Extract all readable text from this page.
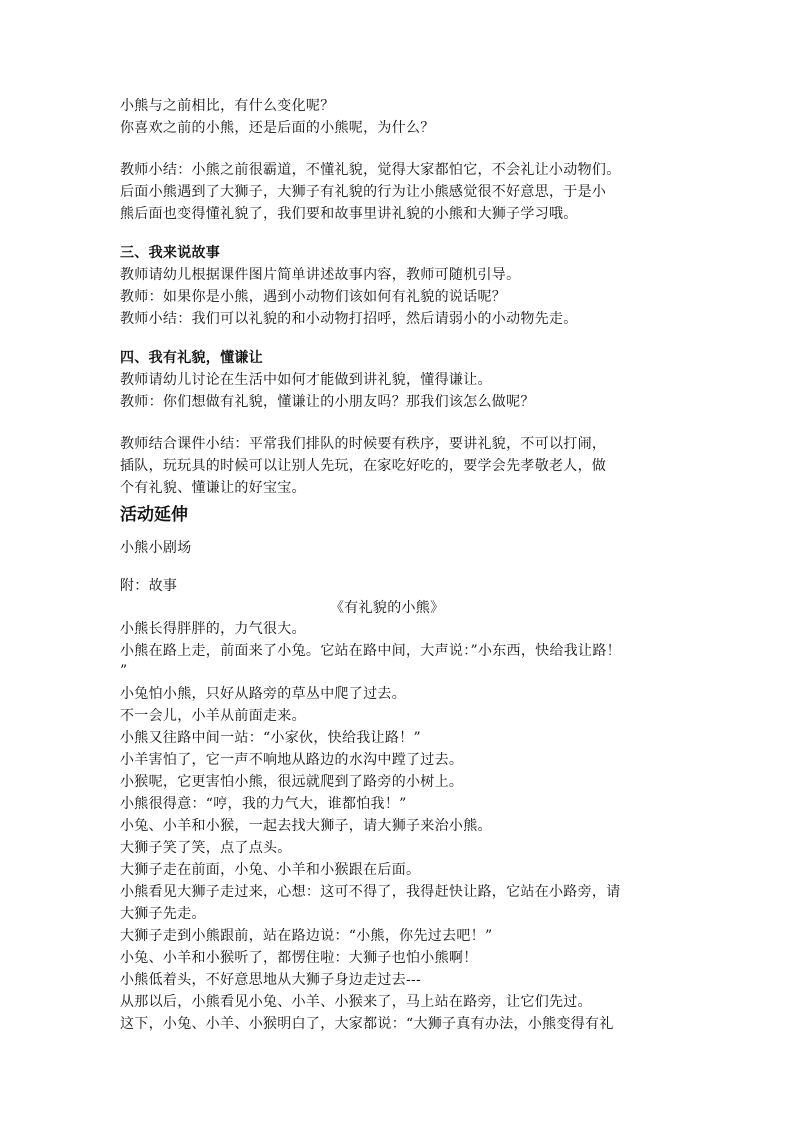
小熊与之前相比，有什么变化呢？
你喜欢之前的小熊，还是后面的小熊呢，为什么？
教师小结：小熊之前很霸道，不懂礼貌，觉得大家都怕它，不会礼让小动物们。
后面小熊遇到了大狮子，大狮子有礼貌的行为让小熊感觉很不好意思，于是小
熊后面也变得懂礼貌了，我们要和故事里讲礼貌的小熊和大狮子学习哦。
三、我来说故事
教师请幼儿根据课件图片简单讲述故事内容，教师可随机引导。
教师：如果你是小熊，遇到小动物们该如何有礼貌的说话呢？
教师小结：我们可以礼貌的和小动物打招呼，然后请弱小的小动物先走。
四、我有礼貌，懂谦让
教师请幼儿讨论在生活中如何才能做到讲礼貌，懂得谦让。
教师：你们想做有礼貌，懂谦让的小朋友吗？那我们该怎么做呢？
教师结合课件小结：平常我们排队的时候要有秩序，要讲礼貌，不可以打闹，
插队，玩玩具的时候可以让别人先玩，在家吃好吃的，要学会先孝敬老人，做
个有礼貌、懂谦让的好宝宝。
活动延伸
小熊小剧场
附：故事
《有礼貌的小熊》
小熊长得胖胖的，力气很大。
小熊在路上走，前面来了小兔。它站在路中间，大声说：”小东西，快给我让路！
”
小兔怕小熊，只好从路旁的草丛中爬了过去。
不一会儿，小羊从前面走来。
小熊又往路中间一站：“小家伙，快给我让路！”
小羊害怕了，它一声不响地从路边的水沟中蹚了过去。
小猴呢，它更害怕小熊，很远就爬到了路旁的小树上。
小熊很得意：“哼，我的力气大，谁都怕我！”
小兔、小羊和小猴，一起去找大狮子，请大狮子来治小熊。
大狮子笑了笑，点了点头。
大狮子走在前面，小兔、小羊和小猴跟在后面。
小熊看见大狮子走过来，心想：这可不得了，我得赶快让路，它站在小路旁，请
大狮子先走。
大狮子走到小熊跟前，站在路边说：“小熊，你先过去吧！”
小兔、小羊和小猴听了，都愣住啦：大狮子也怕小熊啊！
小熊低着头，不好意思地从大狮子身边走过去---
从那以后，小熊看见小兔、小羊、小猴来了，马上站在路旁，让它们先过。
这下，小兔、小羊、小猴明白了，大家都说：“大狮子真有办法，小熊变得有礼
